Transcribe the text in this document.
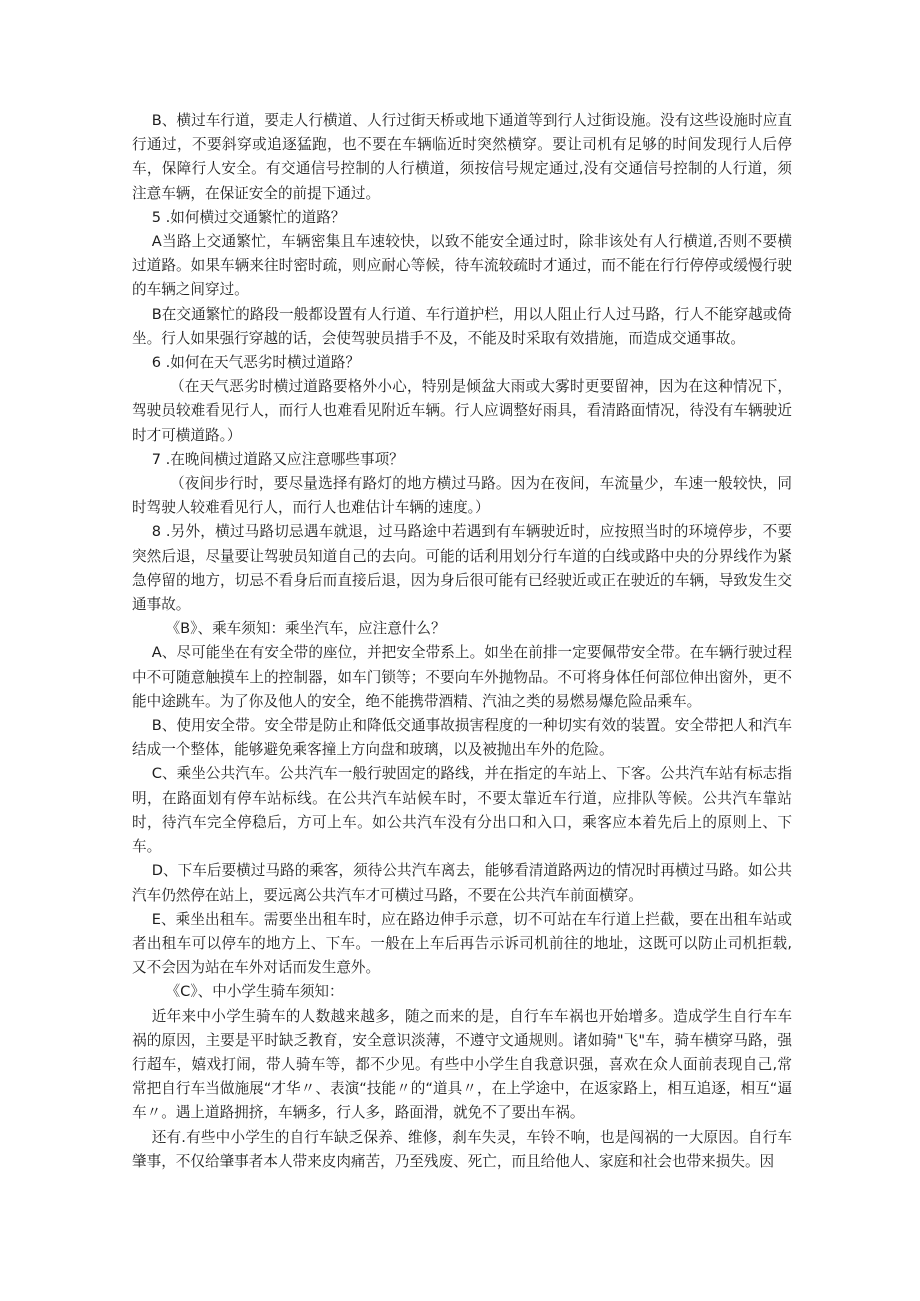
B、横过车行道，要走人行横道、人行过街天桥或地下通道等到行人过街设施。没有这些设施时应直行通过，不要斜穿或追逐猛跑，也不要在车辆临近时突然横穿。要让司机有足够的时间发现行人后停车，保障行人安全。有交通信号控制的人行横道，须按信号规定通过,没有交通信号控制的人行道，须注意车辆，在保证安全的前提下通过。

5 .如何横过交通繁忙的道路？

A当路上交通繁忙，车辆密集且车速较快，以致不能安全通过时，除非该处有人行横道,否则不要横过道路。如果车辆来往时密时疏，则应耐心等候，待车流较疏时才通过，而不能在行行停停或缓慢行驶的车辆之间穿过。

B在交通繁忙的路段一般都设置有人行道、车行道护栏，用以人阻止行人过马路，行人不能穿越或倚坐。行人如果强行穿越的话，会使驾驶员措手不及，不能及时采取有效措施，而造成交通事故。

6 .如何在天气恶劣时横过道路？

（在天气恶劣时横过道路要格外小心，特别是倾盆大雨或大雾时更要留神，因为在这种情况下，驾驶员较难看见行人，而行人也难看见附近车辆。行人应调整好雨具，看清路面情况，待没有车辆驶近时才可横道路。）

7 .在晚间横过道路又应注意哪些事项？

（夜间步行时，要尽量选择有路灯的地方横过马路。因为在夜间，车流量少，车速一般较快，同时驾驶人较难看见行人，而行人也难估计车辆的速度。）

8 .另外，横过马路切忌遇车就退，过马路途中若遇到有车辆驶近时，应按照当时的环境停步，不要突然后退，尽量要让驾驶员知道自己的去向。可能的话利用划分行车道的白线或路中央的分界线作为紧急停留的地方，切忌不看身后而直接后退，因为身后很可能有已经驶近或正在驶近的车辆，导致发生交通事故。

《B》、乘车须知：乘坐汽车，应注意什么？

A、尽可能坐在有安全带的座位，并把安全带系上。如坐在前排一定要佩带安全带。在车辆行驶过程中不可随意触摸车上的控制器，如车门锁等；不要向车外抛物品。不可将身体任何部位伸出窗外，更不能中途跳车。为了你及他人的安全，绝不能携带酒精、汽油之类的易燃易爆危险品乘车。

B、使用安全带。安全带是防止和降低交通事故损害程度的一种切实有效的装置。安全带把人和汽车结成一个整体，能够避免乘客撞上方向盘和玻璃，以及被抛出车外的危险。

C、乘坐公共汽车。公共汽车一般行驶固定的路线，并在指定的车站上、下客。公共汽车站有标志指明，在路面划有停车站标线。在公共汽车站候车时，不要太靠近车行道，应排队等候。公共汽车靠站时，待汽车完全停稳后，方可上车。如公共汽车没有分出口和入口，乘客应本着先后上的原则上、下车。

D、下车后要横过马路的乘客，须待公共汽车离去，能够看清道路两边的情况时再横过马路。如公共汽车仍然停在站上，要远离公共汽车才可横过马路，不要在公共汽车前面横穿。

E、乘坐出租车。需要坐出租车时，应在路边伸手示意，切不可站在车行道上拦截，要在出租车站或者出租车可以停车的地方上、下车。一般在上车后再告示诉司机前往的地址，这既可以防止司机拒载,又不会因为站在车外对话而发生意外。

《C》、中小学生骑车须知：

近年来中小学生骑车的人数越来越多，随之而来的是，自行车车祸也开始增多。造成学生自行车车祸的原因，主要是平时缺乏教育，安全意识淡薄，不遵守文通规则。诸如骑"飞"车，骑车横穿马路，强行超车，嬉戏打闹，带人骑车等，都不少见。有些中小学生自我意识强，喜欢在众人面前表现自己,常常把自行车当做施展“才华〃、表演“技能〃的“道具〃，在上学途中，在返家路上，相互追逐，相互“逼车〃。遇上道路拥挤，车辆多，行人多，路面滑，就免不了要出车祸。

还有.有些中小学生的自行车缺乏保养、维修，刹车失灵，车铃不响，也是闯祸的一大原因。自行车肇事，不仅给肇事者本人带来皮肉痛苦，乃至残废、死亡，而且给他人、家庭和社会也带来损失。因
